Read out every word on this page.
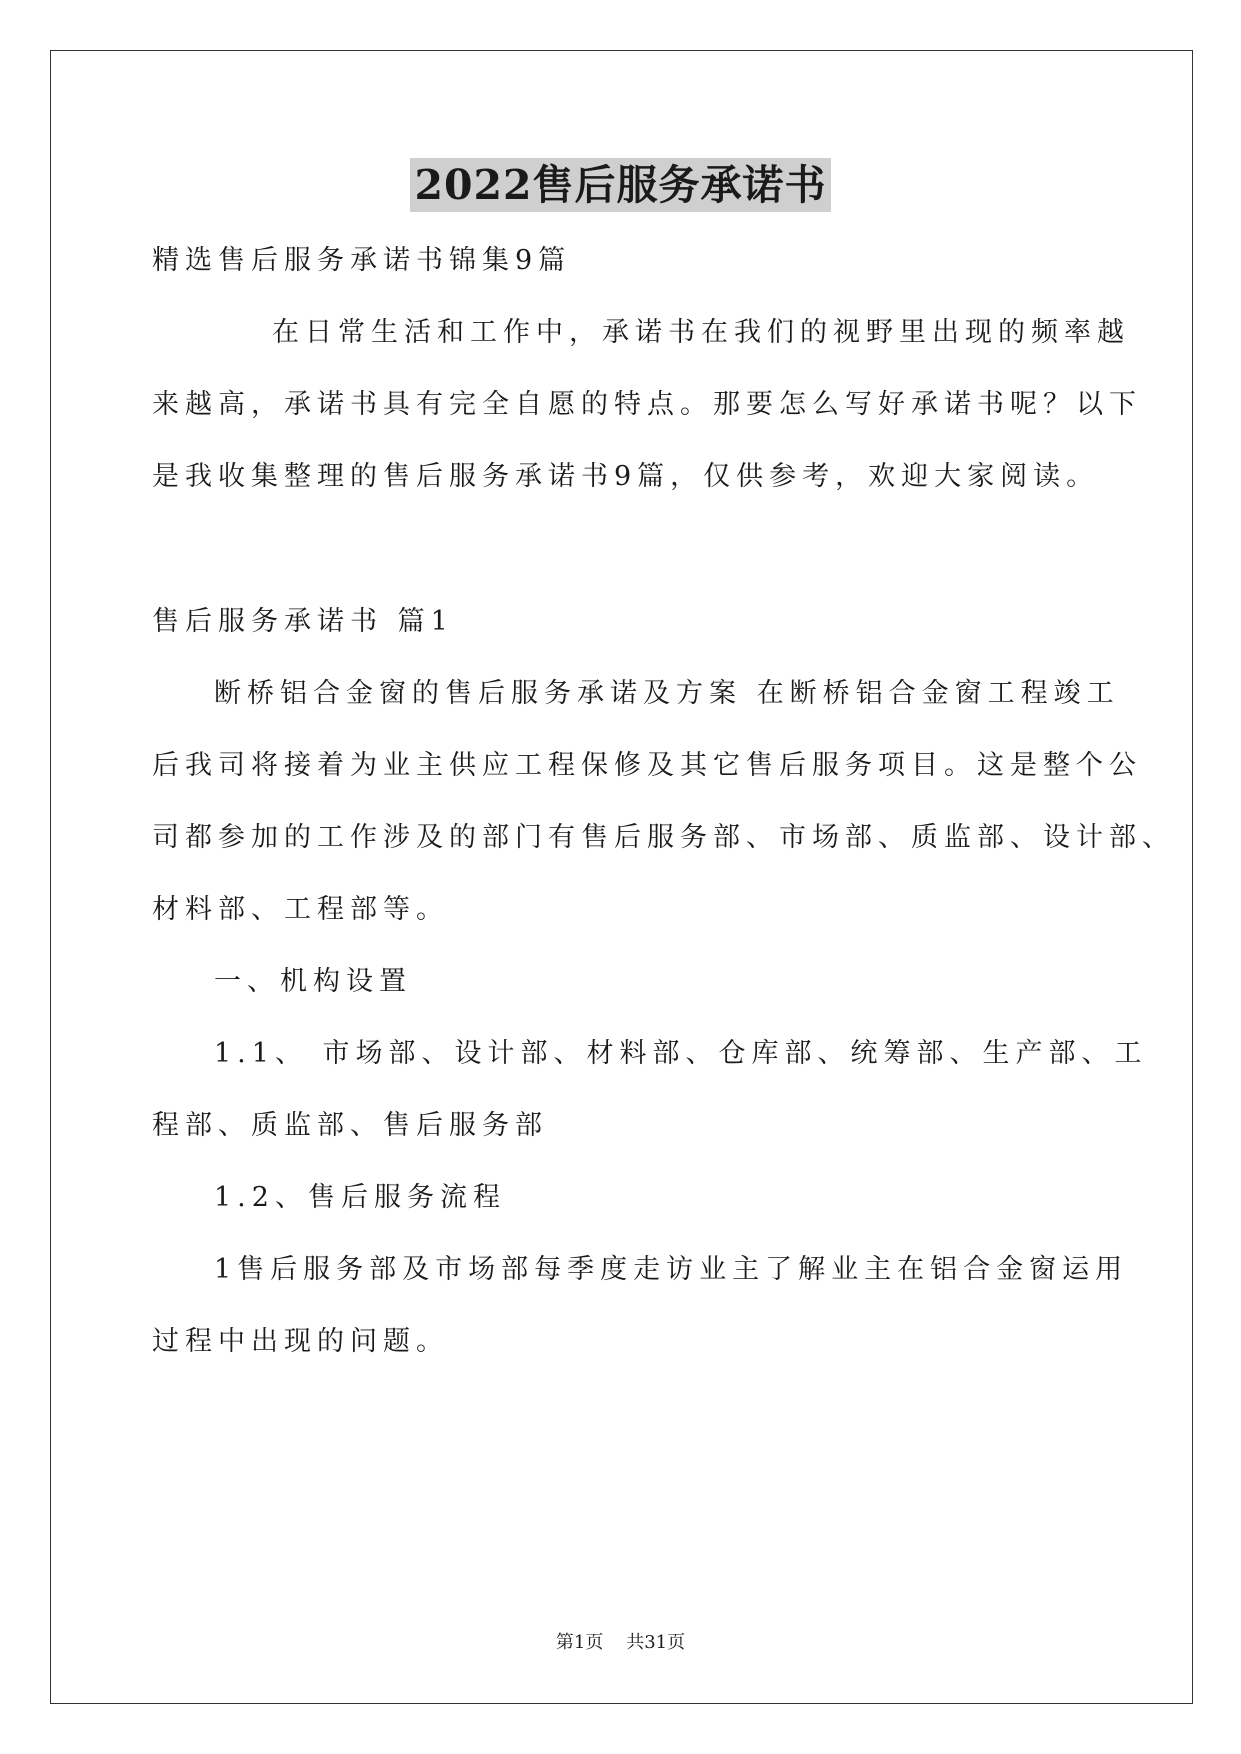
2022售后服务承诺书
精选售后服务承诺书锦集9篇
在日常生活和工作中，承诺书在我们的视野里出现的频率越
来越高，承诺书具有完全自愿的特点。那要怎么写好承诺书呢？以下
是我收集整理的售后服务承诺书9篇，仅供参考，欢迎大家阅读。
售后服务承诺书 篇1
断桥铝合金窗的售后服务承诺及方案 在断桥铝合金窗工程竣工
后我司将接着为业主供应工程保修及其它售后服务项目。这是整个公
司都参加的工作涉及的部门有售后服务部、市场部、质监部、设计部、
材料部、工程部等。
一、机构设置
1.1、 市场部、设计部、材料部、仓库部、统筹部、生产部、工
程部、质监部、售后服务部
1.2、售后服务流程
1售后服务部及市场部每季度走访业主了解业主在铝合金窗运用
过程中出现的问题。
第1页 共31页
